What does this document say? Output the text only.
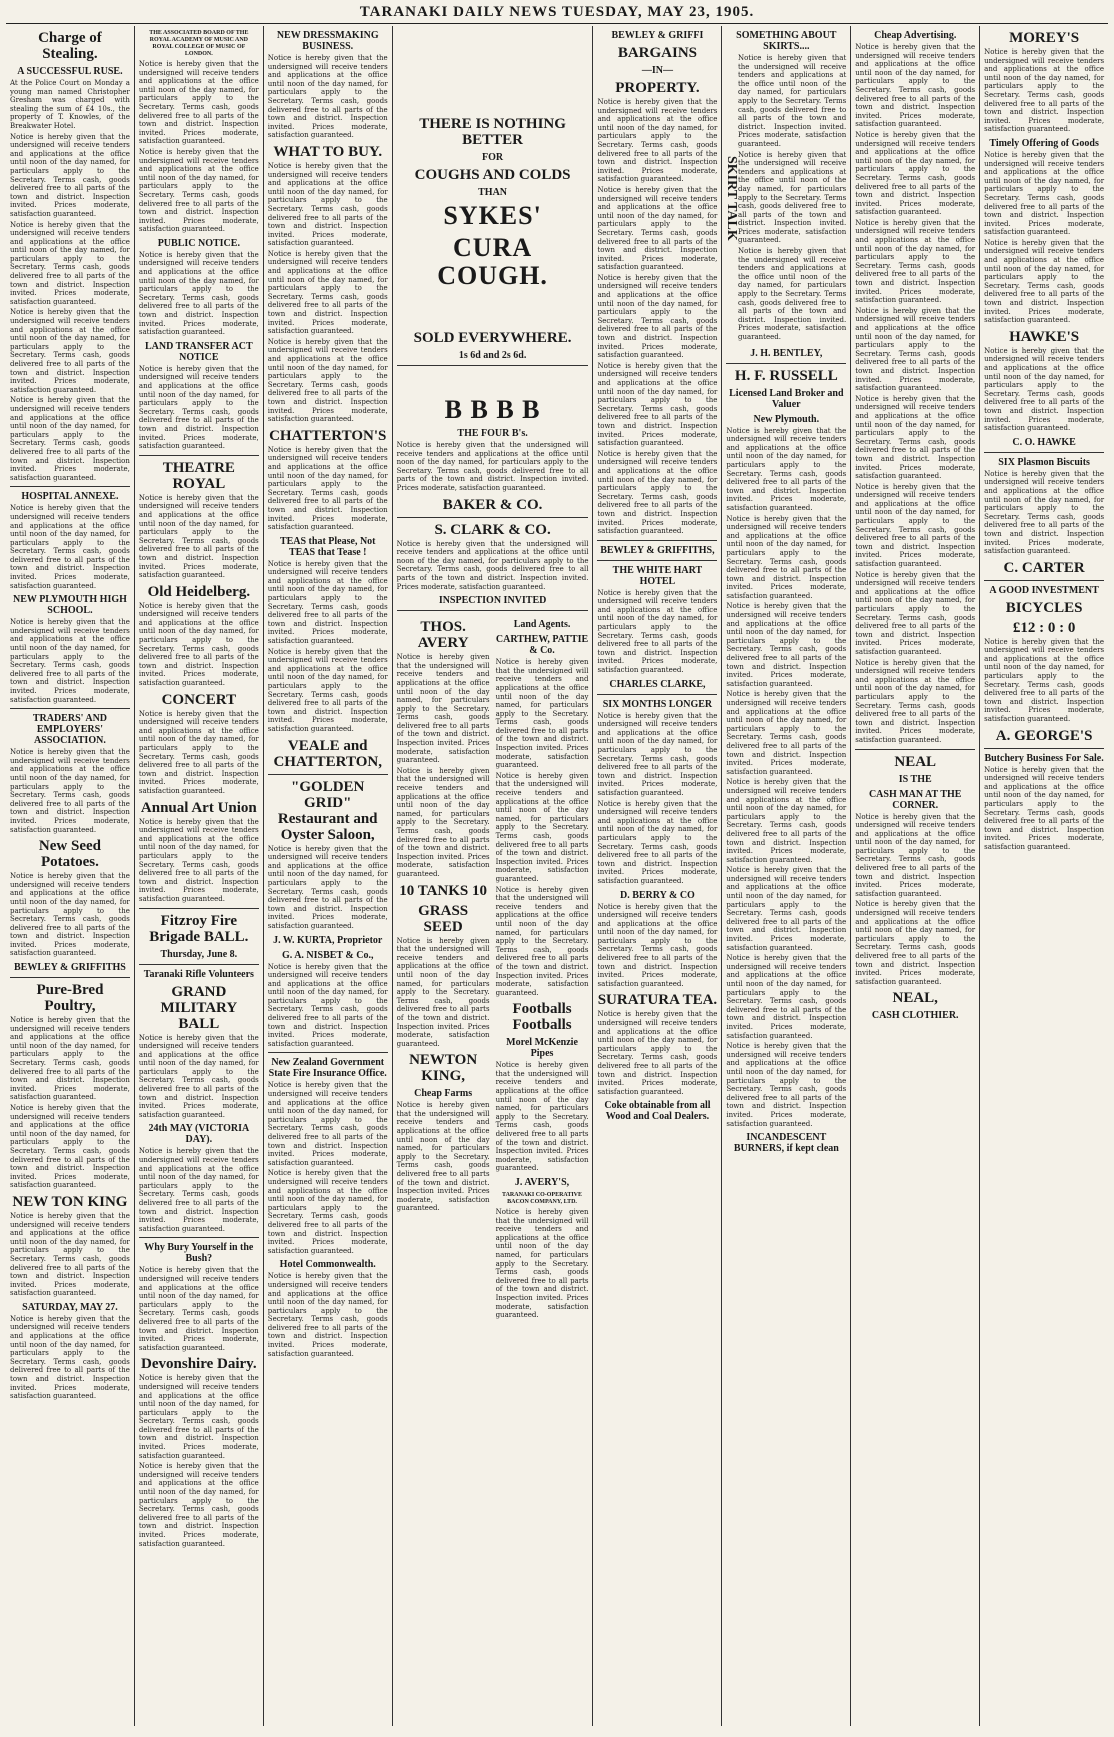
TARANAKI DAILY NEWS TUESDAY, MAY 23, 1905.
Charge of Stealing.
A SUCCESSFUL RUSE.

At the Police Court on Monday a young man named Christopher Gresham was charged with stealing the sum of £4 10s., the property of T. Knowles, of the Breakwater Hotel.

Notice is hereby given that the undersigned will receive tenders and applications at the office until noon of the day named, for particulars apply to the Secretary. Terms cash, goods delivered free to all parts of the town and district. Inspection invited. Prices moderate, satisfaction guaranteed.

Notice is hereby given that the undersigned will receive tenders and applications at the office until noon of the day named, for particulars apply to the Secretary. Terms cash, goods delivered free to all parts of the town and district. Inspection invited. Prices moderate, satisfaction guaranteed.

Notice is hereby given that the undersigned will receive tenders and applications at the office until noon of the day named, for particulars apply to the Secretary. Terms cash, goods delivered free to all parts of the town and district. Inspection invited. Prices moderate, satisfaction guaranteed.

Notice is hereby given that the undersigned will receive tenders and applications at the office until noon of the day named, for particulars apply to the Secretary. Terms cash, goods delivered free to all parts of the town and district. Inspection invited. Prices moderate, satisfaction guaranteed.

HOSPITAL ANNEXE.

Notice is hereby given that the undersigned will receive tenders and applications at the office until noon of the day named, for particulars apply to the Secretary. Terms cash, goods delivered free to all parts of the town and district. Inspection invited. Prices moderate, satisfaction guaranteed.

NEW PLYMOUTH HIGH SCHOOL.

Notice is hereby given that the undersigned will receive tenders and applications at the office until noon of the day named, for particulars apply to the Secretary. Terms cash, goods delivered free to all parts of the town and district. Inspection invited. Prices moderate, satisfaction guaranteed.

TRADERS' AND EMPLOYERS' ASSOCIATION.

Notice is hereby given that the undersigned will receive tenders and applications at the office until noon of the day named, for particulars apply to the Secretary. Terms cash, goods delivered free to all parts of the town and district. Inspection invited. Prices moderate, satisfaction guaranteed.

New Seed Potatoes.

Notice is hereby given that the undersigned will receive tenders and applications at the office until noon of the day named, for particulars apply to the Secretary. Terms cash, goods delivered free to all parts of the town and district. Inspection invited. Prices moderate, satisfaction guaranteed.

BEWLEY & GRIFFITHS
Pure-Bred Poultry,

Notice is hereby given that the undersigned will receive tenders and applications at the office until noon of the day named, for particulars apply to the Secretary. Terms cash, goods delivered free to all parts of the town and district. Inspection invited. Prices moderate, satisfaction guaranteed.

Notice is hereby given that the undersigned will receive tenders and applications at the office until noon of the day named, for particulars apply to the Secretary. Terms cash, goods delivered free to all parts of the town and district. Inspection invited. Prices moderate, satisfaction guaranteed.

NEW TON KING

Notice is hereby given that the undersigned will receive tenders and applications at the office until noon of the day named, for particulars apply to the Secretary. Terms cash, goods delivered free to all parts of the town and district. Inspection invited. Prices moderate, satisfaction guaranteed.

SATURDAY, MAY 27.

Notice is hereby given that the undersigned will receive tenders and applications at the office until noon of the day named, for particulars apply to the Secretary. Terms cash, goods delivered free to all parts of the town and district. Inspection invited. Prices moderate, satisfaction guaranteed.

THE ASSOCIATED BOARD OF THE ROYAL ACADEMY OF MUSIC AND ROYAL COLLEGE OF MUSIC OF LONDON.

Notice is hereby given that the undersigned will receive tenders and applications at the office until noon of the day named, for particulars apply to the Secretary. Terms cash, goods delivered free to all parts of the town and district. Inspection invited. Prices moderate, satisfaction guaranteed.

Notice is hereby given that the undersigned will receive tenders and applications at the office until noon of the day named, for particulars apply to the Secretary. Terms cash, goods delivered free to all parts of the town and district. Inspection invited. Prices moderate, satisfaction guaranteed.

PUBLIC NOTICE.

Notice is hereby given that the undersigned will receive tenders and applications at the office until noon of the day named, for particulars apply to the Secretary. Terms cash, goods delivered free to all parts of the town and district. Inspection invited. Prices moderate, satisfaction guaranteed.

LAND TRANSFER ACT NOTICE

Notice is hereby given that the undersigned will receive tenders and applications at the office until noon of the day named, for particulars apply to the Secretary. Terms cash, goods delivered free to all parts of the town and district. Inspection invited. Prices moderate, satisfaction guaranteed.

THEATRE ROYAL

Notice is hereby given that the undersigned will receive tenders and applications at the office until noon of the day named, for particulars apply to the Secretary. Terms cash, goods delivered free to all parts of the town and district. Inspection invited. Prices moderate, satisfaction guaranteed.

Old Heidelberg.

Notice is hereby given that the undersigned will receive tenders and applications at the office until noon of the day named, for particulars apply to the Secretary. Terms cash, goods delivered free to all parts of the town and district. Inspection invited. Prices moderate, satisfaction guaranteed.

CONCERT

Notice is hereby given that the undersigned will receive tenders and applications at the office until noon of the day named, for particulars apply to the Secretary. Terms cash, goods delivered free to all parts of the town and district. Inspection invited. Prices moderate, satisfaction guaranteed.

Annual Art Union

Notice is hereby given that the undersigned will receive tenders and applications at the office until noon of the day named, for particulars apply to the Secretary. Terms cash, goods delivered free to all parts of the town and district. Inspection invited. Prices moderate, satisfaction guaranteed.

Fitzroy Fire Brigade BALL.
Thursday, June 8.
Taranaki Rifle Volunteers
GRAND MILITARY BALL

Notice is hereby given that the undersigned will receive tenders and applications at the office until noon of the day named, for particulars apply to the Secretary. Terms cash, goods delivered free to all parts of the town and district. Inspection invited. Prices moderate, satisfaction guaranteed.

24th MAY (VICTORIA DAY).

Notice is hereby given that the undersigned will receive tenders and applications at the office until noon of the day named, for particulars apply to the Secretary. Terms cash, goods delivered free to all parts of the town and district. Inspection invited. Prices moderate, satisfaction guaranteed.

Why Bury Yourself in the Bush?

Notice is hereby given that the undersigned will receive tenders and applications at the office until noon of the day named, for particulars apply to the Secretary. Terms cash, goods delivered free to all parts of the town and district. Inspection invited. Prices moderate, satisfaction guaranteed.

Devonshire Dairy.

Notice is hereby given that the undersigned will receive tenders and applications at the office until noon of the day named, for particulars apply to the Secretary. Terms cash, goods delivered free to all parts of the town and district. Inspection invited. Prices moderate, satisfaction guaranteed.

Notice is hereby given that the undersigned will receive tenders and applications at the office until noon of the day named, for particulars apply to the Secretary. Terms cash, goods delivered free to all parts of the town and district. Inspection invited. Prices moderate, satisfaction guaranteed.

NEW DRESSMAKING BUSINESS.

Notice is hereby given that the undersigned will receive tenders and applications at the office until noon of the day named, for particulars apply to the Secretary. Terms cash, goods delivered free to all parts of the town and district. Inspection invited. Prices moderate, satisfaction guaranteed.

WHAT TO BUY.

Notice is hereby given that the undersigned will receive tenders and applications at the office until noon of the day named, for particulars apply to the Secretary. Terms cash, goods delivered free to all parts of the town and district. Inspection invited. Prices moderate, satisfaction guaranteed.

Notice is hereby given that the undersigned will receive tenders and applications at the office until noon of the day named, for particulars apply to the Secretary. Terms cash, goods delivered free to all parts of the town and district. Inspection invited. Prices moderate, satisfaction guaranteed.

Notice is hereby given that the undersigned will receive tenders and applications at the office until noon of the day named, for particulars apply to the Secretary. Terms cash, goods delivered free to all parts of the town and district. Inspection invited. Prices moderate, satisfaction guaranteed.

CHATTERTON'S

Notice is hereby given that the undersigned will receive tenders and applications at the office until noon of the day named, for particulars apply to the Secretary. Terms cash, goods delivered free to all parts of the town and district. Inspection invited. Prices moderate, satisfaction guaranteed.

TEAS that Please, Not TEAS that Tease !

Notice is hereby given that the undersigned will receive tenders and applications at the office until noon of the day named, for particulars apply to the Secretary. Terms cash, goods delivered free to all parts of the town and district. Inspection invited. Prices moderate, satisfaction guaranteed.

Notice is hereby given that the undersigned will receive tenders and applications at the office until noon of the day named, for particulars apply to the Secretary. Terms cash, goods delivered free to all parts of the town and district. Inspection invited. Prices moderate, satisfaction guaranteed.

VEALE and CHATTERTON,
"GOLDEN GRID" Restaurant and Oyster Saloon,

Notice is hereby given that the undersigned will receive tenders and applications at the office until noon of the day named, for particulars apply to the Secretary. Terms cash, goods delivered free to all parts of the town and district. Inspection invited. Prices moderate, satisfaction guaranteed.

J. W. KURTA, Proprietor
G. A. NISBET & Co.,

Notice is hereby given that the undersigned will receive tenders and applications at the office until noon of the day named, for particulars apply to the Secretary. Terms cash, goods delivered free to all parts of the town and district. Inspection invited. Prices moderate, satisfaction guaranteed.

New Zealand Government State Fire Insurance Office.

Notice is hereby given that the undersigned will receive tenders and applications at the office until noon of the day named, for particulars apply to the Secretary. Terms cash, goods delivered free to all parts of the town and district. Inspection invited. Prices moderate, satisfaction guaranteed.

Notice is hereby given that the undersigned will receive tenders and applications at the office until noon of the day named, for particulars apply to the Secretary. Terms cash, goods delivered free to all parts of the town and district. Inspection invited. Prices moderate, satisfaction guaranteed.

Hotel Commonwealth.

Notice is hereby given that the undersigned will receive tenders and applications at the office until noon of the day named, for particulars apply to the Secretary. Terms cash, goods delivered free to all parts of the town and district. Inspection invited. Prices moderate, satisfaction guaranteed.

THERE IS NOTHING BETTER
FOR
COUGHS AND COLDS
THAN
SYKES'
CURA COUGH.
SOLD EVERYWHERE.
1s 6d and 2s 6d.
B B B B
THE FOUR B's.

Notice is hereby given that the undersigned will receive tenders and applications at the office until noon of the day named, for particulars apply to the Secretary. Terms cash, goods delivered free to all parts of the town and district. Inspection invited. Prices moderate, satisfaction guaranteed.

BAKER & CO.
S. CLARK & CO.

Notice is hereby given that the undersigned will receive tenders and applications at the office until noon of the day named, for particulars apply to the Secretary. Terms cash, goods delivered free to all parts of the town and district. Inspection invited. Prices moderate, satisfaction guaranteed.

INSPECTION INVITED
THOS. AVERY

Notice is hereby given that the undersigned will receive tenders and applications at the office until noon of the day named, for particulars apply to the Secretary. Terms cash, goods delivered free to all parts of the town and district. Inspection invited. Prices moderate, satisfaction guaranteed.

Notice is hereby given that the undersigned will receive tenders and applications at the office until noon of the day named, for particulars apply to the Secretary. Terms cash, goods delivered free to all parts of the town and district. Inspection invited. Prices moderate, satisfaction guaranteed.

10 TANKS 10
GRASS SEED

Notice is hereby given that the undersigned will receive tenders and applications at the office until noon of the day named, for particulars apply to the Secretary. Terms cash, goods delivered free to all parts of the town and district. Inspection invited. Prices moderate, satisfaction guaranteed.

NEWTON KING,
Cheap Farms

Notice is hereby given that the undersigned will receive tenders and applications at the office until noon of the day named, for particulars apply to the Secretary. Terms cash, goods delivered free to all parts of the town and district. Inspection invited. Prices moderate, satisfaction guaranteed.

Land Agents.
CARTHEW, PATTIE & Co.

Notice is hereby given that the undersigned will receive tenders and applications at the office until noon of the day named, for particulars apply to the Secretary. Terms cash, goods delivered free to all parts of the town and district. Inspection invited. Prices moderate, satisfaction guaranteed.

Notice is hereby given that the undersigned will receive tenders and applications at the office until noon of the day named, for particulars apply to the Secretary. Terms cash, goods delivered free to all parts of the town and district. Inspection invited. Prices moderate, satisfaction guaranteed.

Notice is hereby given that the undersigned will receive tenders and applications at the office until noon of the day named, for particulars apply to the Secretary. Terms cash, goods delivered free to all parts of the town and district. Inspection invited. Prices moderate, satisfaction guaranteed.

Footballs Footballs
Morel McKenzie Pipes

Notice is hereby given that the undersigned will receive tenders and applications at the office until noon of the day named, for particulars apply to the Secretary. Terms cash, goods delivered free to all parts of the town and district. Inspection invited. Prices moderate, satisfaction guaranteed.

J. AVERY'S,
TARANAKI CO-OPERATIVE BACON COMPANY, LTD.

Notice is hereby given that the undersigned will receive tenders and applications at the office until noon of the day named, for particulars apply to the Secretary. Terms cash, goods delivered free to all parts of the town and district. Inspection invited. Prices moderate, satisfaction guaranteed.

BEWLEY & GRIFFI
BARGAINS
—IN—
PROPERTY.

Notice is hereby given that the undersigned will receive tenders and applications at the office until noon of the day named, for particulars apply to the Secretary. Terms cash, goods delivered free to all parts of the town and district. Inspection invited. Prices moderate, satisfaction guaranteed.

Notice is hereby given that the undersigned will receive tenders and applications at the office until noon of the day named, for particulars apply to the Secretary. Terms cash, goods delivered free to all parts of the town and district. Inspection invited. Prices moderate, satisfaction guaranteed.

Notice is hereby given that the undersigned will receive tenders and applications at the office until noon of the day named, for particulars apply to the Secretary. Terms cash, goods delivered free to all parts of the town and district. Inspection invited. Prices moderate, satisfaction guaranteed.

Notice is hereby given that the undersigned will receive tenders and applications at the office until noon of the day named, for particulars apply to the Secretary. Terms cash, goods delivered free to all parts of the town and district. Inspection invited. Prices moderate, satisfaction guaranteed.

Notice is hereby given that the undersigned will receive tenders and applications at the office until noon of the day named, for particulars apply to the Secretary. Terms cash, goods delivered free to all parts of the town and district. Inspection invited. Prices moderate, satisfaction guaranteed.

BEWLEY & GRIFFITHS,
THE WHITE HART HOTEL

Notice is hereby given that the undersigned will receive tenders and applications at the office until noon of the day named, for particulars apply to the Secretary. Terms cash, goods delivered free to all parts of the town and district. Inspection invited. Prices moderate, satisfaction guaranteed.

CHARLES CLARKE,
SIX MONTHS LONGER

Notice is hereby given that the undersigned will receive tenders and applications at the office until noon of the day named, for particulars apply to the Secretary. Terms cash, goods delivered free to all parts of the town and district. Inspection invited. Prices moderate, satisfaction guaranteed.

Notice is hereby given that the undersigned will receive tenders and applications at the office until noon of the day named, for particulars apply to the Secretary. Terms cash, goods delivered free to all parts of the town and district. Inspection invited. Prices moderate, satisfaction guaranteed.

D. BERRY & CO

Notice is hereby given that the undersigned will receive tenders and applications at the office until noon of the day named, for particulars apply to the Secretary. Terms cash, goods delivered free to all parts of the town and district. Inspection invited. Prices moderate, satisfaction guaranteed.

SURATURA TEA.

Notice is hereby given that the undersigned will receive tenders and applications at the office until noon of the day named, for particulars apply to the Secretary. Terms cash, goods delivered free to all parts of the town and district. Inspection invited. Prices moderate, satisfaction guaranteed.

Coke obtainable from all Wood and Coal Dealers.
SOMETHING ABOUT SKIRTS....
SKIRT TALK

Notice is hereby given that the undersigned will receive tenders and applications at the office until noon of the day named, for particulars apply to the Secretary. Terms cash, goods delivered free to all parts of the town and district. Inspection invited. Prices moderate, satisfaction guaranteed.

Notice is hereby given that the undersigned will receive tenders and applications at the office until noon of the day named, for particulars apply to the Secretary. Terms cash, goods delivered free to all parts of the town and district. Inspection invited. Prices moderate, satisfaction guaranteed.

Notice is hereby given that the undersigned will receive tenders and applications at the office until noon of the day named, for particulars apply to the Secretary. Terms cash, goods delivered free to all parts of the town and district. Inspection invited. Prices moderate, satisfaction guaranteed.

J. H. BENTLEY,
H. F. RUSSELL
Licensed Land Broker and Valuer
New Plymouth.

Notice is hereby given that the undersigned will receive tenders and applications at the office until noon of the day named, for particulars apply to the Secretary. Terms cash, goods delivered free to all parts of the town and district. Inspection invited. Prices moderate, satisfaction guaranteed.

Notice is hereby given that the undersigned will receive tenders and applications at the office until noon of the day named, for particulars apply to the Secretary. Terms cash, goods delivered free to all parts of the town and district. Inspection invited. Prices moderate, satisfaction guaranteed.

Notice is hereby given that the undersigned will receive tenders and applications at the office until noon of the day named, for particulars apply to the Secretary. Terms cash, goods delivered free to all parts of the town and district. Inspection invited. Prices moderate, satisfaction guaranteed.

Notice is hereby given that the undersigned will receive tenders and applications at the office until noon of the day named, for particulars apply to the Secretary. Terms cash, goods delivered free to all parts of the town and district. Inspection invited. Prices moderate, satisfaction guaranteed.

Notice is hereby given that the undersigned will receive tenders and applications at the office until noon of the day named, for particulars apply to the Secretary. Terms cash, goods delivered free to all parts of the town and district. Inspection invited. Prices moderate, satisfaction guaranteed.

Notice is hereby given that the undersigned will receive tenders and applications at the office until noon of the day named, for particulars apply to the Secretary. Terms cash, goods delivered free to all parts of the town and district. Inspection invited. Prices moderate, satisfaction guaranteed.

Notice is hereby given that the undersigned will receive tenders and applications at the office until noon of the day named, for particulars apply to the Secretary. Terms cash, goods delivered free to all parts of the town and district. Inspection invited. Prices moderate, satisfaction guaranteed.

Notice is hereby given that the undersigned will receive tenders and applications at the office until noon of the day named, for particulars apply to the Secretary. Terms cash, goods delivered free to all parts of the town and district. Inspection invited. Prices moderate, satisfaction guaranteed.

INCANDESCENT BURNERS, if kept clean
Cheap Advertising.

Notice is hereby given that the undersigned will receive tenders and applications at the office until noon of the day named, for particulars apply to the Secretary. Terms cash, goods delivered free to all parts of the town and district. Inspection invited. Prices moderate, satisfaction guaranteed.

Notice is hereby given that the undersigned will receive tenders and applications at the office until noon of the day named, for particulars apply to the Secretary. Terms cash, goods delivered free to all parts of the town and district. Inspection invited. Prices moderate, satisfaction guaranteed.

Notice is hereby given that the undersigned will receive tenders and applications at the office until noon of the day named, for particulars apply to the Secretary. Terms cash, goods delivered free to all parts of the town and district. Inspection invited. Prices moderate, satisfaction guaranteed.

Notice is hereby given that the undersigned will receive tenders and applications at the office until noon of the day named, for particulars apply to the Secretary. Terms cash, goods delivered free to all parts of the town and district. Inspection invited. Prices moderate, satisfaction guaranteed.

Notice is hereby given that the undersigned will receive tenders and applications at the office until noon of the day named, for particulars apply to the Secretary. Terms cash, goods delivered free to all parts of the town and district. Inspection invited. Prices moderate, satisfaction guaranteed.

Notice is hereby given that the undersigned will receive tenders and applications at the office until noon of the day named, for particulars apply to the Secretary. Terms cash, goods delivered free to all parts of the town and district. Inspection invited. Prices moderate, satisfaction guaranteed.

Notice is hereby given that the undersigned will receive tenders and applications at the office until noon of the day named, for particulars apply to the Secretary. Terms cash, goods delivered free to all parts of the town and district. Inspection invited. Prices moderate, satisfaction guaranteed.

Notice is hereby given that the undersigned will receive tenders and applications at the office until noon of the day named, for particulars apply to the Secretary. Terms cash, goods delivered free to all parts of the town and district. Inspection invited. Prices moderate, satisfaction guaranteed.

NEAL
IS THE
CASH MAN AT THE CORNER.

Notice is hereby given that the undersigned will receive tenders and applications at the office until noon of the day named, for particulars apply to the Secretary. Terms cash, goods delivered free to all parts of the town and district. Inspection invited. Prices moderate, satisfaction guaranteed.

Notice is hereby given that the undersigned will receive tenders and applications at the office until noon of the day named, for particulars apply to the Secretary. Terms cash, goods delivered free to all parts of the town and district. Inspection invited. Prices moderate, satisfaction guaranteed.

NEAL,
CASH CLOTHIER.
MOREY'S

Notice is hereby given that the undersigned will receive tenders and applications at the office until noon of the day named, for particulars apply to the Secretary. Terms cash, goods delivered free to all parts of the town and district. Inspection invited. Prices moderate, satisfaction guaranteed.

Timely Offering of Goods

Notice is hereby given that the undersigned will receive tenders and applications at the office until noon of the day named, for particulars apply to the Secretary. Terms cash, goods delivered free to all parts of the town and district. Inspection invited. Prices moderate, satisfaction guaranteed.

Notice is hereby given that the undersigned will receive tenders and applications at the office until noon of the day named, for particulars apply to the Secretary. Terms cash, goods delivered free to all parts of the town and district. Inspection invited. Prices moderate, satisfaction guaranteed.

HAWKE'S

Notice is hereby given that the undersigned will receive tenders and applications at the office until noon of the day named, for particulars apply to the Secretary. Terms cash, goods delivered free to all parts of the town and district. Inspection invited. Prices moderate, satisfaction guaranteed.

C. O. HAWKE
SIX Plasmon Biscuits

Notice is hereby given that the undersigned will receive tenders and applications at the office until noon of the day named, for particulars apply to the Secretary. Terms cash, goods delivered free to all parts of the town and district. Inspection invited. Prices moderate, satisfaction guaranteed.

C. CARTER
A GOOD INVESTMENT
BICYCLES
£12 : 0 : 0

Notice is hereby given that the undersigned will receive tenders and applications at the office until noon of the day named, for particulars apply to the Secretary. Terms cash, goods delivered free to all parts of the town and district. Inspection invited. Prices moderate, satisfaction guaranteed.

A. GEORGE'S
Butchery Business For Sale.

Notice is hereby given that the undersigned will receive tenders and applications at the office until noon of the day named, for particulars apply to the Secretary. Terms cash, goods delivered free to all parts of the town and district. Inspection invited. Prices moderate, satisfaction guaranteed.
